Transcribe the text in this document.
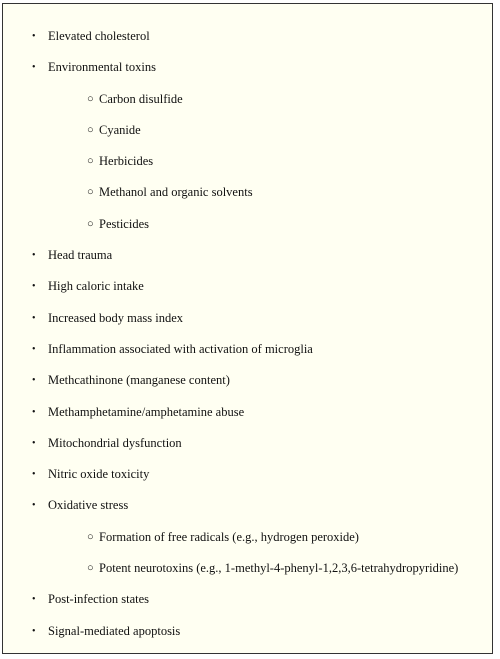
• Elevated cholesterol
• Environmental toxins
○ Carbon disulfide
○ Cyanide
○ Herbicides
○ Methanol and organic solvents
○ Pesticides
• Head trauma
• High caloric intake
• Increased body mass index
• Inflammation associated with activation of microglia
• Methcathinone (manganese content)
• Methamphetamine/amphetamine abuse
• Mitochondrial dysfunction
• Nitric oxide toxicity
• Oxidative stress
○ Formation of free radicals (e.g., hydrogen peroxide)
○ Potent neurotoxins (e.g., 1-methyl-4-phenyl-1,2,3,6-tetrahydropyridine)
• Post-infection states
• Signal-mediated apoptosis
